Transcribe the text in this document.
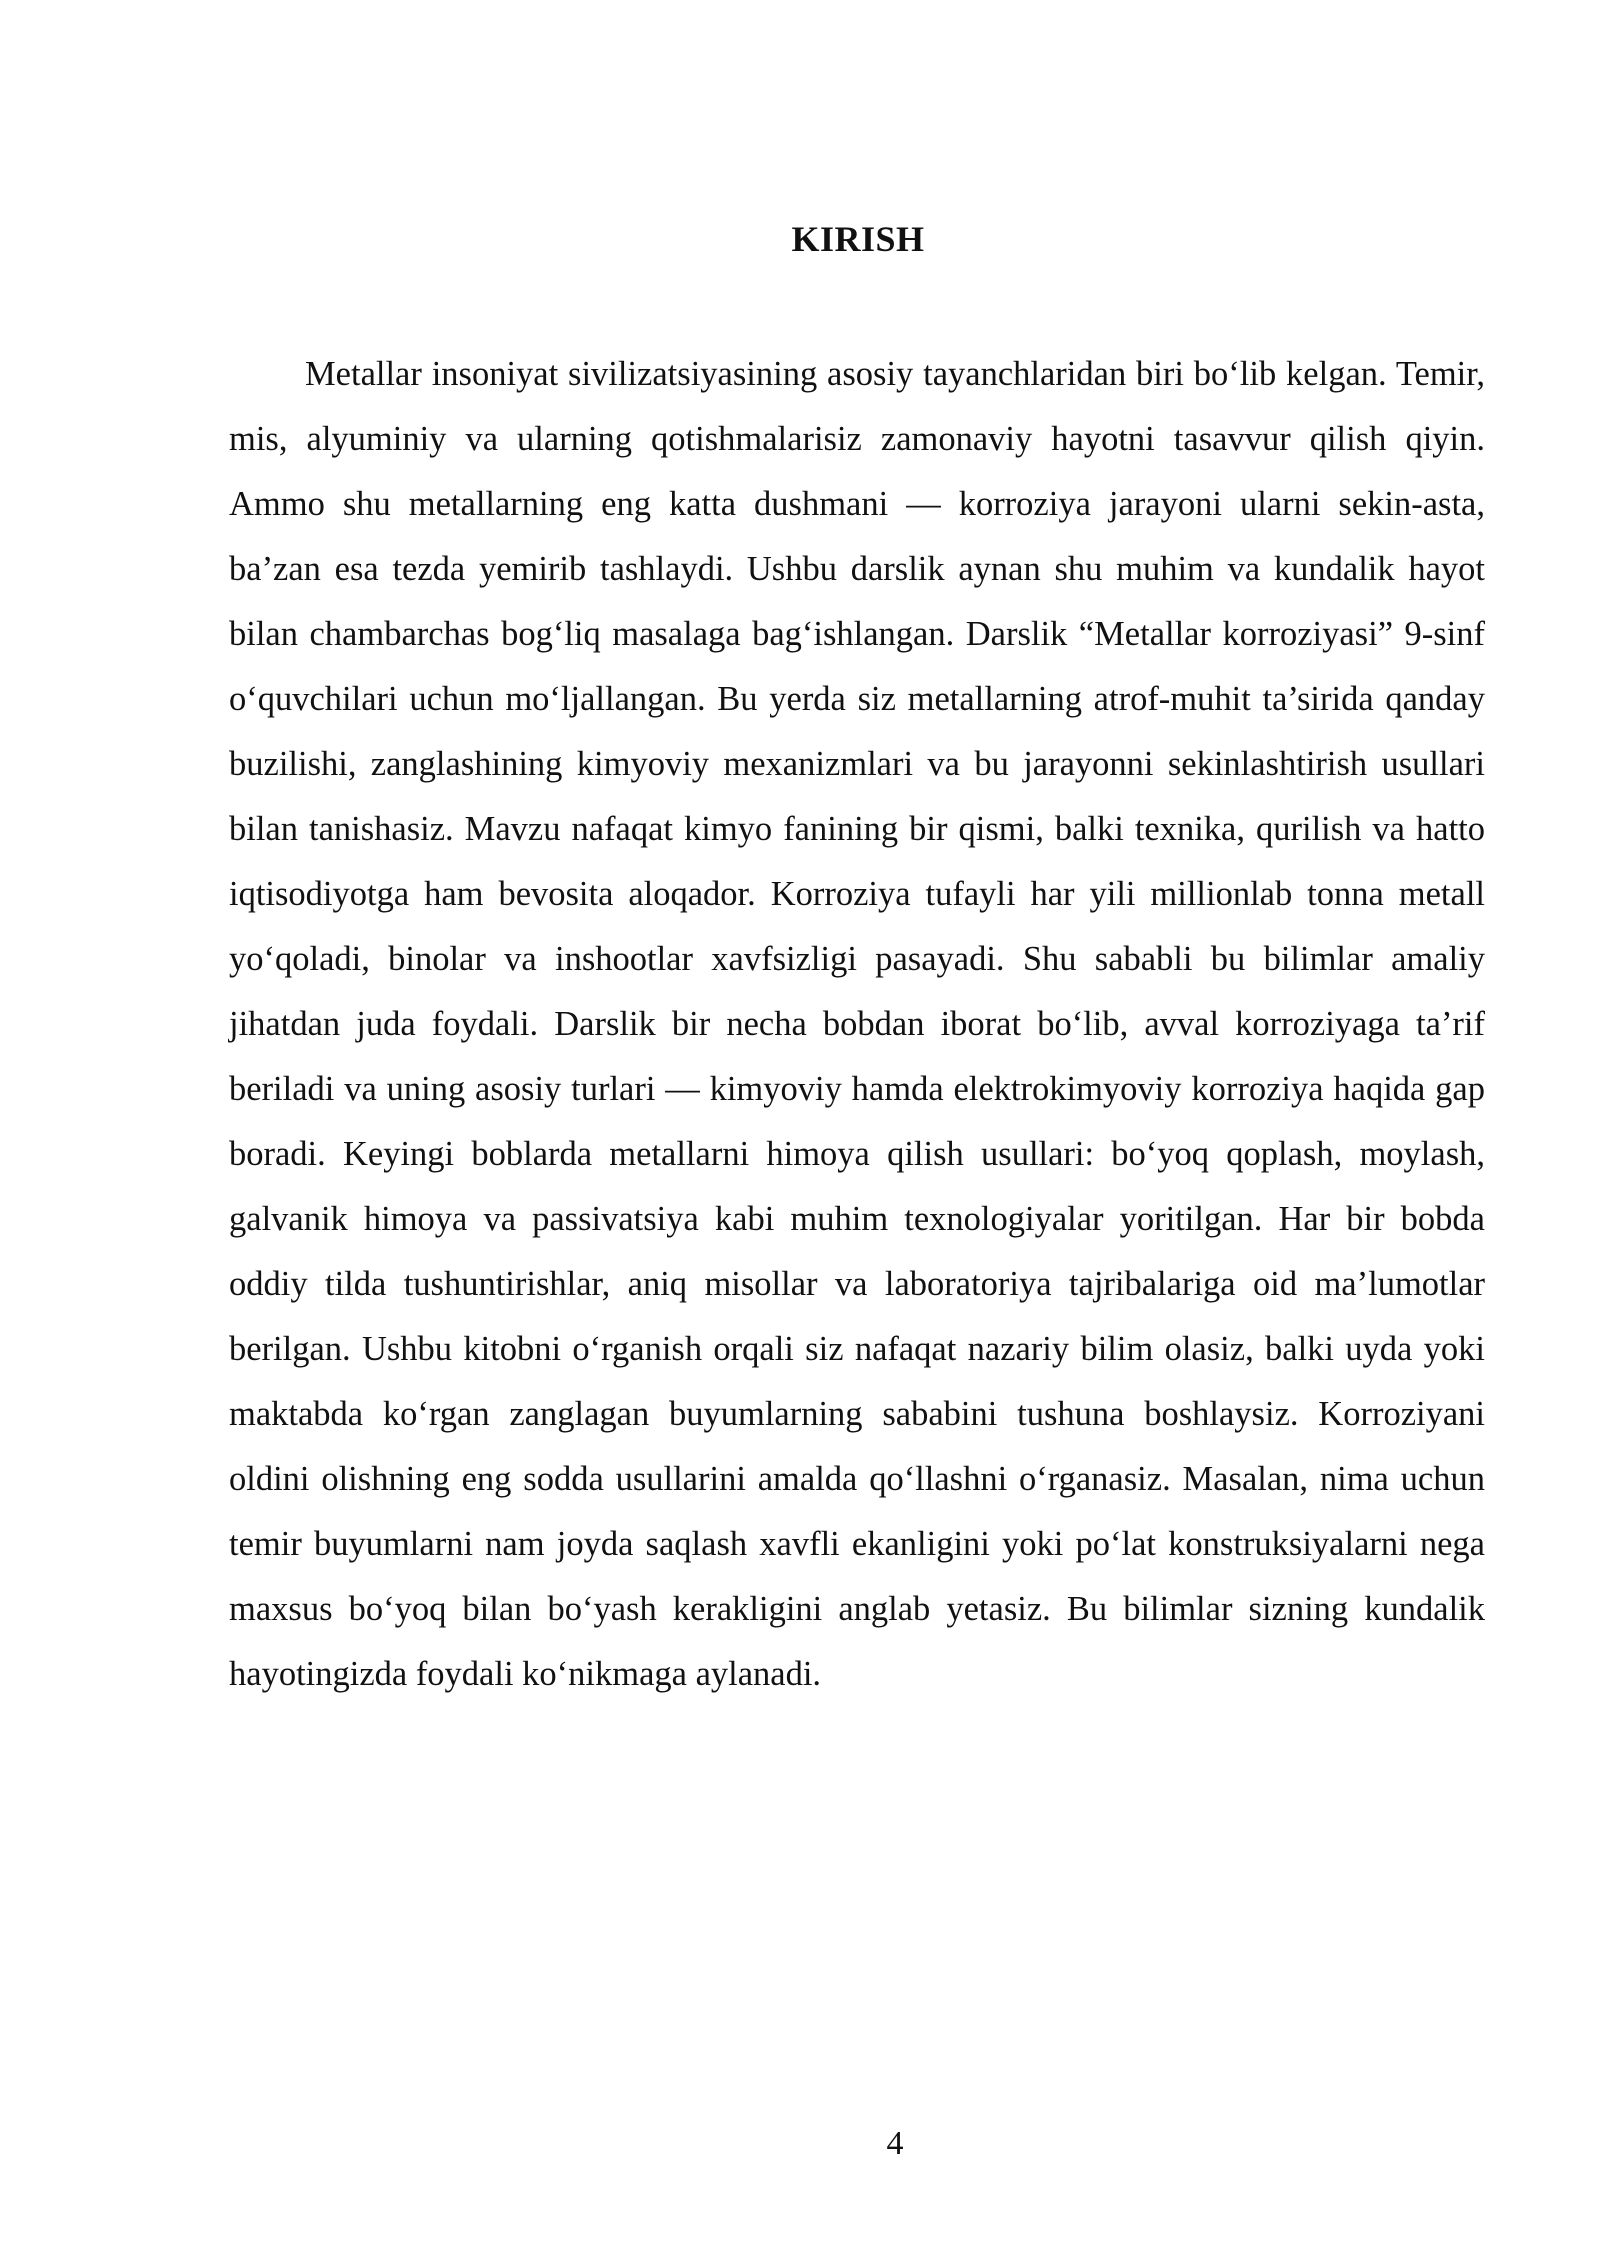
KIRISH

Metallar insoniyat sivilizatsiyasining asosiy tayanchlaridan biri bo‘lib kelgan. Temir, mis, alyuminiy va ularning qotishmalarisiz zamonaviy hayotni tasavvur qilish qiyin. Ammo shu metallarning eng katta dushmani — korroziya jarayoni ularni sekin-asta, ba’zan esa tezda yemirib tashlaydi. Ushbu darslik aynan shu muhim va kundalik hayot bilan chambarchas bog‘liq masalaga bag‘ishlangan. Darslik “Metallar korroziyasi” 9-sinf o‘quvchilari uchun mo‘ljallangan. Bu yerda siz metallarning atrof-muhit ta’sirida qanday buzilishi, zanglashining kimyoviy mexanizmlari va bu jarayonni sekinlashtirish usullari bilan tanishasiz. Mavzu nafaqat kimyo fanining bir qismi, balki texnika, qurilish va hatto iqtisodiyotga ham bevosita aloqador. Korroziya tufayli har yili millionlab tonna metall yo‘qoladi, binolar va inshootlar xavfsizligi pasayadi. Shu sababli bu bilimlar amaliy jihatdan juda foydali. Darslik bir necha bobdan iborat bo‘lib, avval korroziyaga ta’rif beriladi va uning asosiy turlari — kimyoviy hamda elektrokimyoviy korroziya haqida gap boradi. Keyingi boblarda metallarni himoya qilish usullari: bo‘yoq qoplash, moylash, galvanik himoya va passivatsiya kabi muhim texnologiyalar yoritilgan. Har bir bobda oddiy tilda tushuntirishlar, aniq misollar va laboratoriya tajribalariga oid ma’lumotlar berilgan. Ushbu kitobni o‘rganish orqali siz nafaqat nazariy bilim olasiz, balki uyda yoki maktabda ko‘rgan zanglagan buyumlarning sababini tushuna boshlaysiz. Korroziyani oldini olishning eng sodda usullarini amalda qo‘llashni o‘rganasiz. Masalan, nima uchun temir buyumlarni nam joyda saqlash xavfli ekanligini yoki po‘lat konstruksiyalarni nega maxsus bo‘yoq bilan bo‘yash kerakligini anglab yetasiz. Bu bilimlar sizning kundalik hayotingizda foydali ko‘nikmaga aylanadi.

4
